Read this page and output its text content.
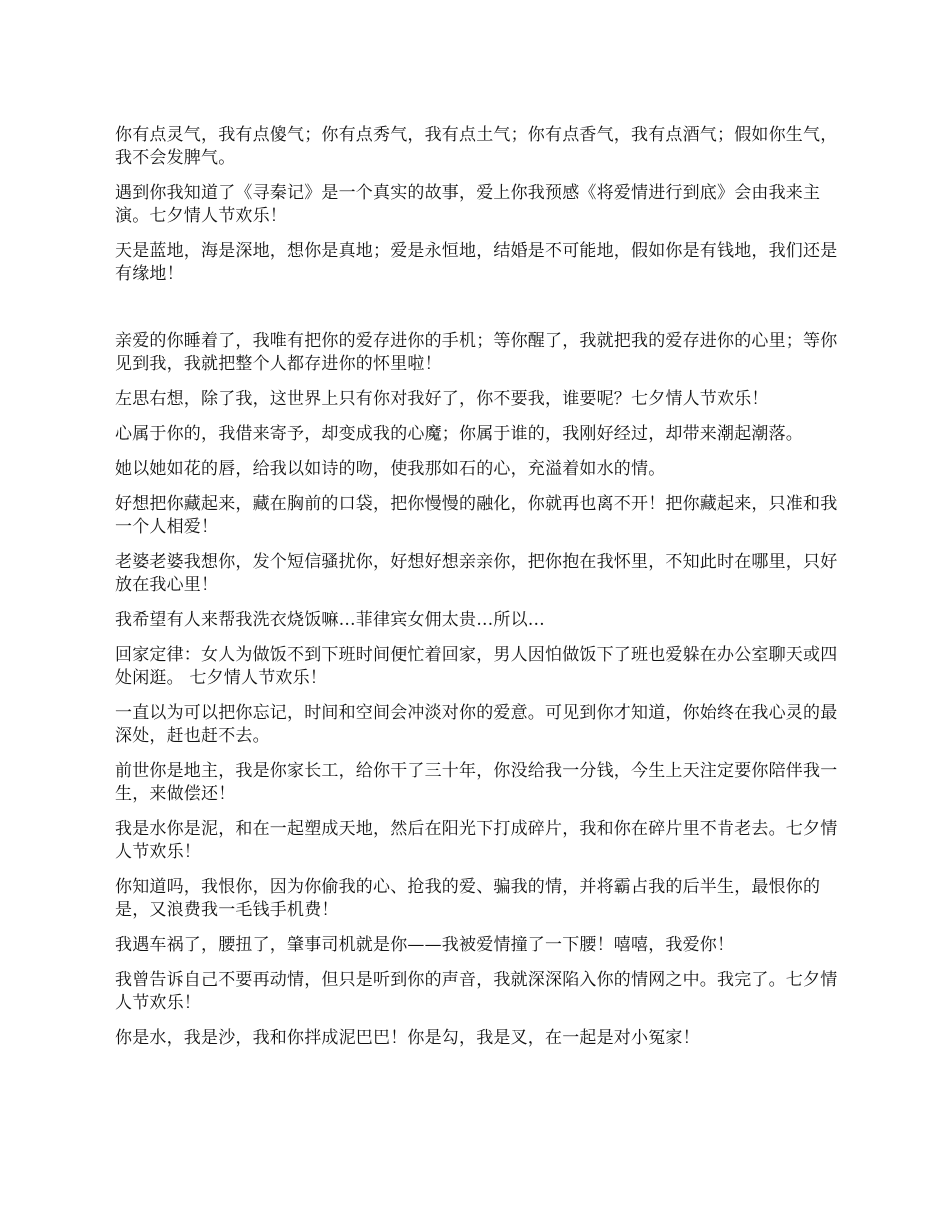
你有点灵气，我有点傻气；你有点秀气，我有点土气；你有点香气，我有点酒气；假如你生气，我不会发脾气。

遇到你我知道了《寻秦记》是一个真实的故事，爱上你我预感《将爱情进行到底》会由我来主演。七夕情人节欢乐！

天是蓝地，海是深地，想你是真地；爱是永恒地，结婚是不可能地，假如你是有钱地，我们还是有缘地！

亲爱的你睡着了，我唯有把你的爱存进你的手机；等你醒了，我就把我的爱存进你的心里；等你见到我，我就把整个人都存进你的怀里啦！

左思右想，除了我，这世界上只有你对我好了，你不要我，谁要呢？七夕情人节欢乐！

心属于你的，我借来寄予，却变成我的心魔；你属于谁的，我刚好经过，却带来潮起潮落。

她以她如花的唇，给我以如诗的吻，使我那如石的心，充溢着如水的情。

好想把你藏起来，藏在胸前的口袋，把你慢慢的融化，你就再也离不开！把你藏起来，只准和我一个人相爱！

老婆老婆我想你，发个短信骚扰你，好想好想亲亲你，把你抱在我怀里，不知此时在哪里，只好放在我心里！

我希望有人来帮我洗衣烧饭嘛…菲律宾女佣太贵…所以…

回家定律：女人为做饭不到下班时间便忙着回家，男人因怕做饭下了班也爱躲在办公室聊天或四处闲逛。 七夕情人节欢乐！

一直以为可以把你忘记，时间和空间会冲淡对你的爱意。可见到你才知道，你始终在我心灵的最深处，赶也赶不去。

前世你是地主，我是你家长工，给你干了三十年，你没给我一分钱，今生上天注定要你陪伴我一生，来做偿还！

我是水你是泥，和在一起塑成天地，然后在阳光下打成碎片，我和你在碎片里不肯老去。七夕情人节欢乐！

你知道吗，我恨你，因为你偷我的心、抢我的爱、骗我的情，并将霸占我的后半生，最恨你的是，又浪费我一毛钱手机费！

我遇车祸了，腰扭了，肇事司机就是你——我被爱情撞了一下腰！嘻嘻，我爱你！

我曾告诉自己不要再动情，但只是听到你的声音，我就深深陷入你的情网之中。我完了。七夕情人节欢乐！

你是水，我是沙，我和你拌成泥巴巴！你是勾，我是叉，在一起是对小冤家！
